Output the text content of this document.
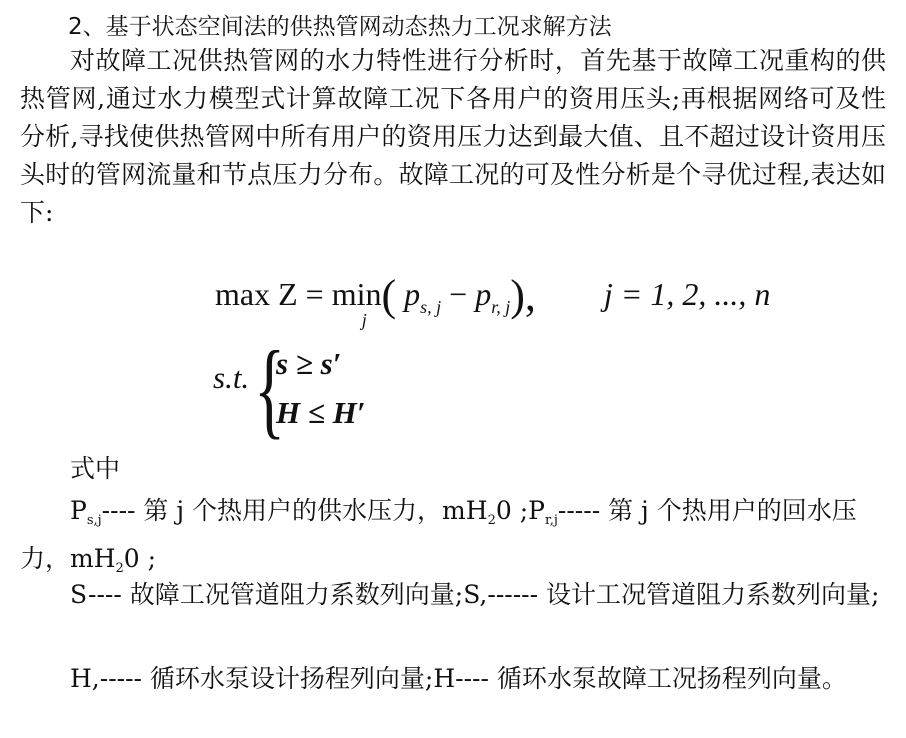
2、基于状态空间法的供热管网动态热力工况求解方法
对故障工况供热管网的水力特性进行分析时，首先基于故障工况重构的供热管网,通过水力模型式计算故障工况下各用户的资用压头;再根据网络可及性分析,寻找使供热管网中所有用户的资用压力达到最大值、且不超过设计资用压头时的管网流量和节点压力分布。故障工况的可及性分析是个寻优过程,表达如下:
max Z = min
j ( $p_{s, j} - p_{r, j}$), j = 1, 2, ..., n
s.t. {
s ≥ s′
H ≤ H′
式中
$P_{s,j}----$ 第 j 个热用户的供水压力，$mH_20$ $;P_{r,j}-----$ 第 j 个热用户的回水压力，$mH_20$ ;
S---- 故障工况管道阻力系数列向量;S,------ 设计工况管道阻力系数列向量;
H,----- 循环水泵设计扬程列向量;H---- 循环水泵故障工况扬程列向量。
